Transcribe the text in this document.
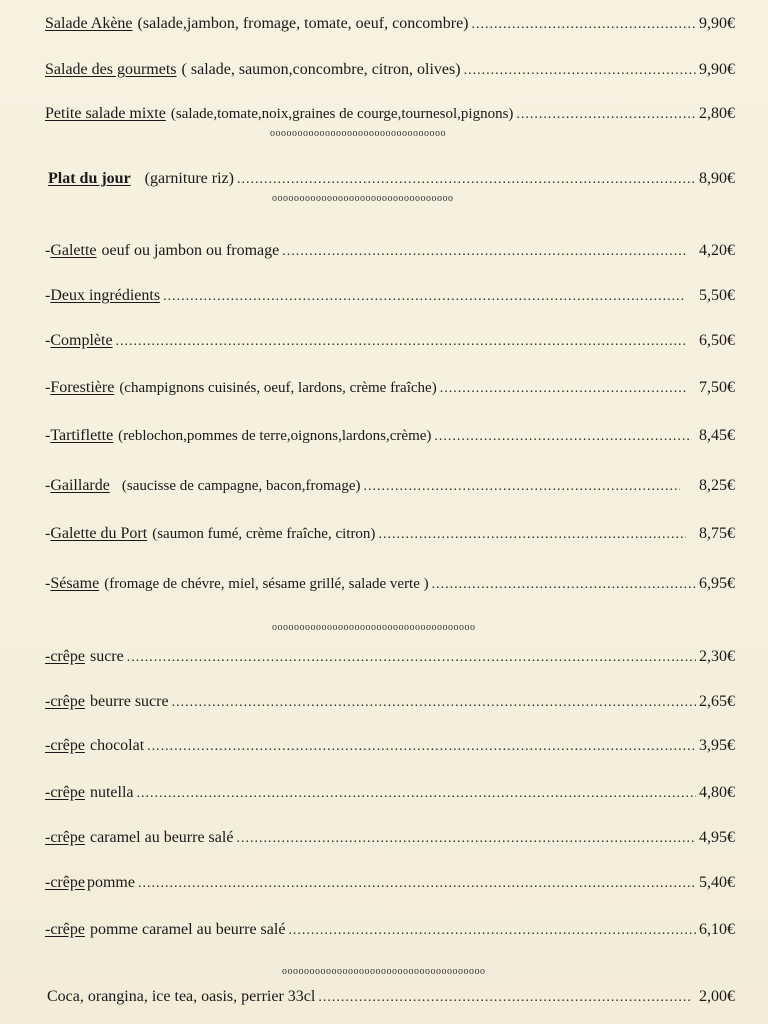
Salade Akène (salade,jambon, fromage, tomate, oeuf, concombre) .....	9,90€
Salade des gourmets ( salade, saumon,concombre, citron, olives) .....	9,90€
Petite salade mixte (salade,tomate,noix,graines de courge,tournesol,pignons) .....	2,80€
oooooooooooooooooooooooooooooooo
Plat du jour (garniture riz) .....	8,90€
ooooooooooooooooooooooooooooooooo
- Galette oeuf ou jambon ou fromage .....	4,20€
- Deux ingrédients .....	5,50€
- Complète .....	6,50€
- Forestière (champignons cuisinés, oeuf, lardons, crème fraîche) .....	7,50€
- Tartiflette (reblochon,pommes de terre,oignons,lardons,crème) .....	8,45€
- Gaillarde (saucisse de campagne, bacon,fromage) .....	8,25€
- Galette du Port (saumon fumé, crème fraîche, citron) .....	8,75€
- Sésame (fromage de chévre, miel, sésame grillé, salade verte ) .....	6,95€
ooooooooooooooooooooooooooooooooooooo
-crêpe sucre .....	2,30€
-crêpe beurre sucre .....	2,65€
-crêpe chocolat .....	3,95€
-crêpe nutella .....	4,80€
-crêpe caramel au beurre salé .....	4,95€
-crêpe pomme .....	5,40€
-crêpe pomme caramel au beurre salé .....	6,10€
ooooooooooooooooooooooooooooooooooooo
Coca, orangina, ice tea, oasis, perrier 33cl .....	2,00€
